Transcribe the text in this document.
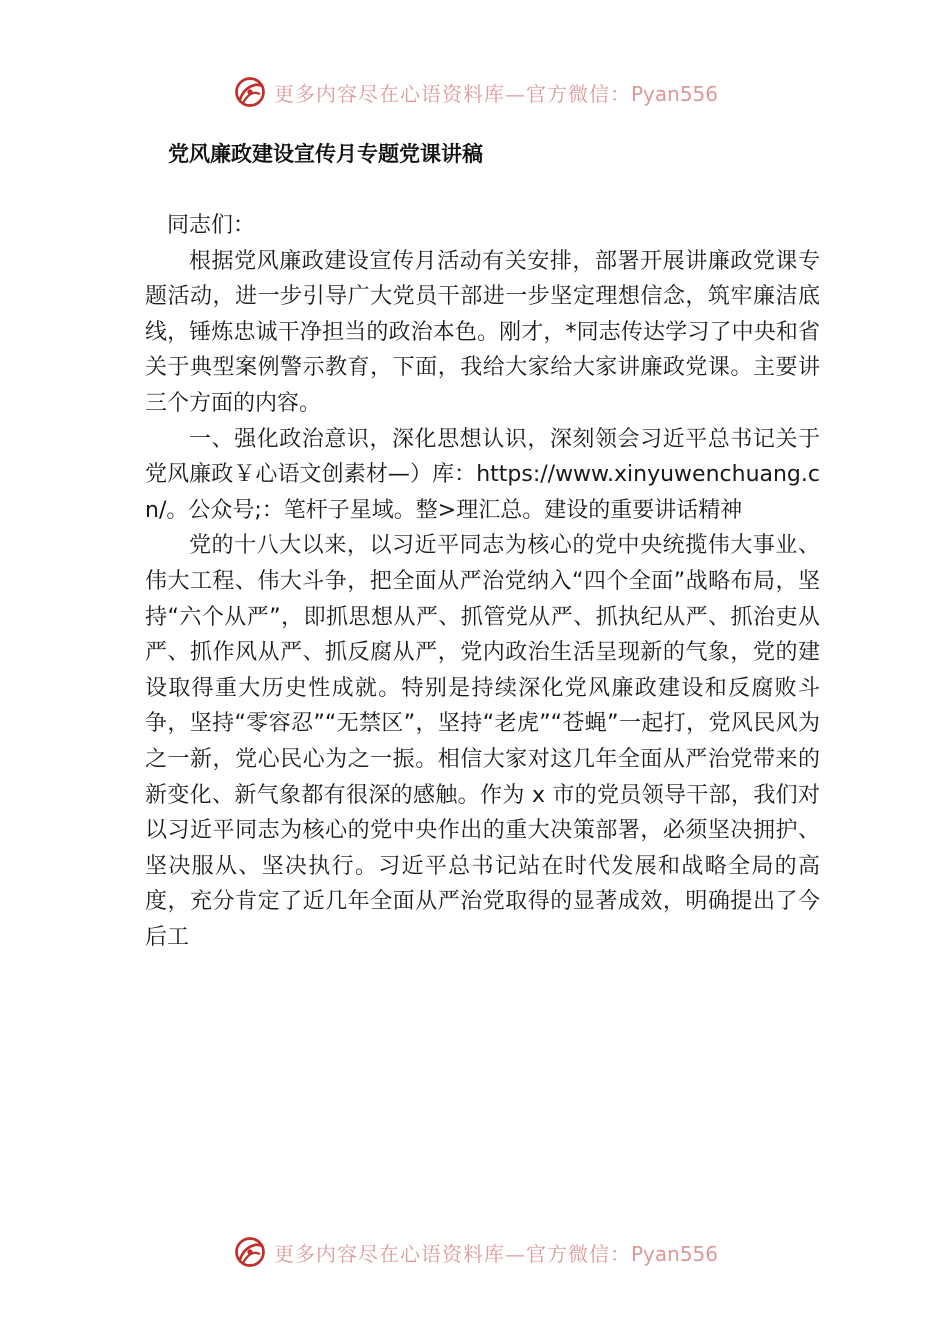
更多内容尽在心语资料库—官方微信：Pyan556
党风廉政建设宣传月专题党课讲稿

同志们：

根据党风廉政建设宣传月活动有关安排，部署开展讲廉政党课专题活动，进一步引导广大党员干部进一步坚定理想信念，筑牢廉洁底线，锤炼忠诚干净担当的政治本色。刚才，*同志传达学习了中央和省关于典型案例警示教育，下面，我给大家给大家讲廉政党课。主要讲三个方面的内容。

一、强化政治意识，深化思想认识，深刻领会习近平总书记关于党风廉政￥心语文创素材—）库：https://www.xinyuwenchuang.cn/。公众号;：笔杆子星域。整>理汇总。建设的重要讲话精神

党的十八大以来，以习近平同志为核心的党中央统揽伟大事业、伟大工程、伟大斗争，把全面从严治党纳入“四个全面”战略布局，坚持“六个从严”，即抓思想从严、抓管党从严、抓执纪从严、抓治吏从严、抓作风从严、抓反腐从严，党内政治生活呈现新的气象，党的建设取得重大历史性成就。特别是持续深化党风廉政建设和反腐败斗争，坚持“零容忍”“无禁区”，坚持“老虎”“苍蝇”一起打，党风民风为之一新，党心民心为之一振。相信大家对这几年全面从严治党带来的新变化、新气象都有很深的感触。作为 x 市的党员领导干部，我们对以习近平同志为核心的党中央作出的重大决策部署，必须坚决拥护、坚决服从、坚决执行。习近平总书记站在时代发展和战略全局的高度，充分肯定了近几年全面从严治党取得的显著成效，明确提出了今后工

更多内容尽在心语资料库—官方微信：Pyan556
